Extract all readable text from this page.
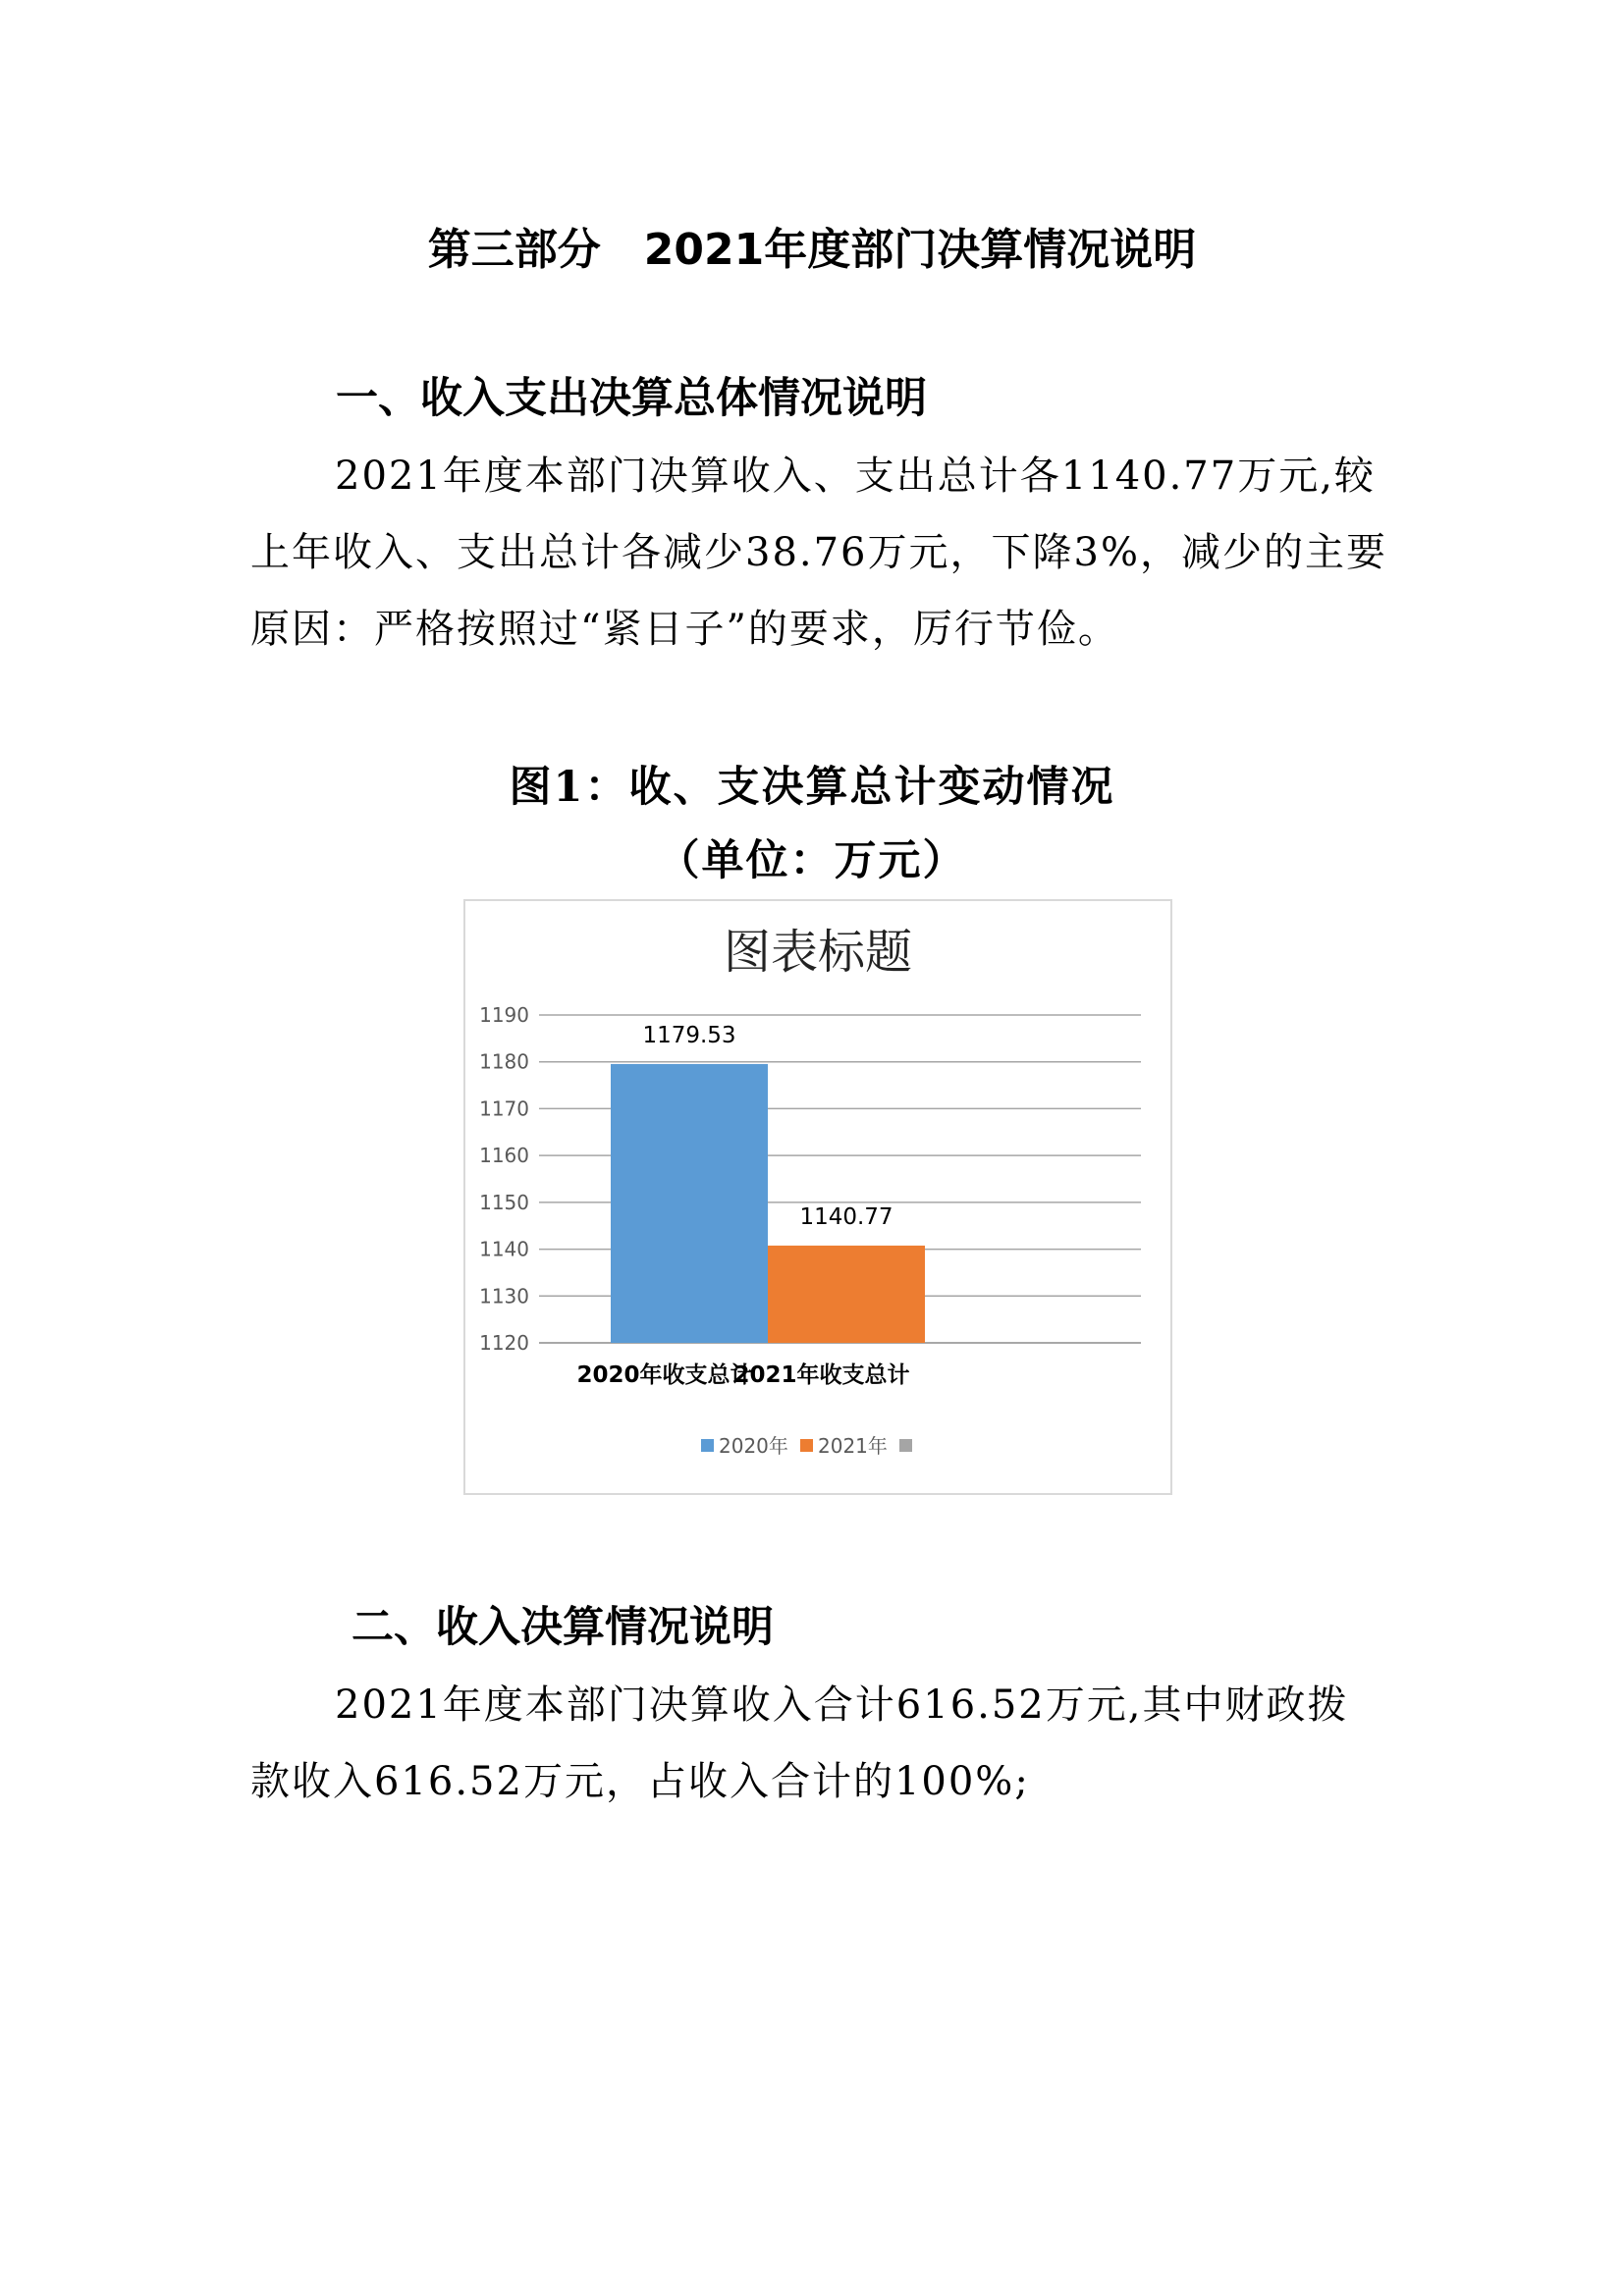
第三部分　2021年度部门决算情况说明
一、收入支出决算总体情况说明

2021年度本部门决算收入、支出总计各1140.77万元,较上年收入、支出总计各减少38.76万元，下降3%，减少的主要原因：严格按照过“紧日子”的要求，厉行节俭。

图1：收、支决算总计变动情况

（单位：万元）

图表标题
1120
1130
1140
1150
1160
1170
1180
1190
1179.53
1140.77
2020年收支总计
2021年收支总计
2020年 2021年
二、收入决算情况说明

2021年度本部门决算收入合计616.52万元,其中财政拨款收入616.52万元，占收入合计的100%;
